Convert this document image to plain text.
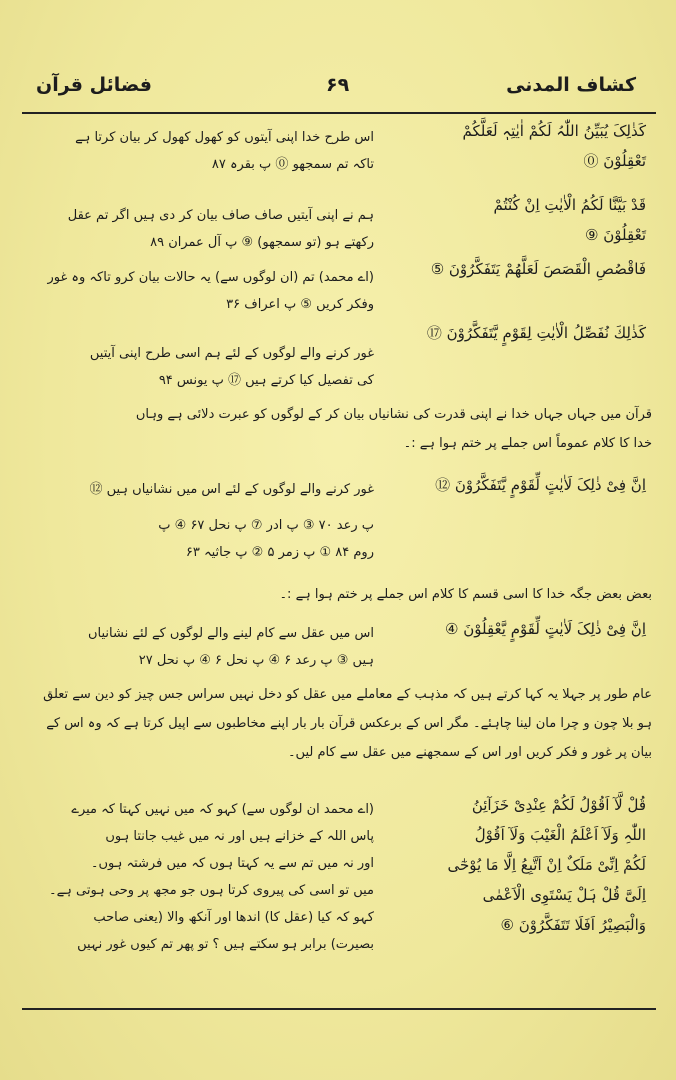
کشاف المدنی
۶۹
فضائل قرآن
کَذٰلِکَ یُبَیِّنُ اللّٰہُ لَکُمْ اٰیٰتِہٖ لَعَلَّکُمْ
تَعْقِلُوْنَ ⓪
اس طرح خدا اپنی آیتوں کو کھول کھول کر بیان کرتا ہے
تاکہ تم سمجھو ⓪ پ بقرہ ۸۷
قَدْ بَیَّنَّا لَکُمُ الْاٰیٰتِ اِنْ کُنْتُمْ
تَعْقِلُوْنَ ⑨
ہم نے اپنی آیتیں صاف صاف بیان کر دی ہیں اگر تم عقل
رکھتے ہو (تو سمجھو) ⑨ پ آل عمران ۸۹
فَاقْصُصِ الْقَصَصَ لَعَلَّهُمْ يَتَفَكَّرُوْنَ ⑤
(اے محمد) تم (ان لوگوں سے) یہ حالات بیان کرو تاکہ وہ غور
وفکر کریں ⑤ پ اعراف ۳۶
كَذٰلِكَ نُفَصِّلُ الْاٰيٰتِ لِقَوْمٍ يَّتَفَكَّرُوْنَ ⑰
غور کرنے والے لوگوں کے لئے ہم اسی طرح اپنی آیتیں
کی تفصیل کیا کرتے ہیں ⑰ پ یونس ۹۴
قرآن میں جہاں جہاں خدا نے اپنی قدرت کی نشانیاں بیان کر کے لوگوں کو عبرت دلائی ہے وہاں
خدا کا کلام عموماً اس جملے پر ختم ہوا ہے :۔
اِنَّ فِیْ ذٰلِکَ لَاٰیٰتٍ لِّقَوْمٍ یَّتَفَکَّرُوْنَ ⑫
غور کرنے والے لوگوں کے لئے اس میں نشانیاں ہیں ⑫
پ رعد ۷۰ ③ پ ادر ⑦ پ نحل ۶۷ ④ پ
روم ۸۴ ① پ زمر ۵ ② پ جاثیہ ۶۳
بعض بعض جگہ خدا کا اسی قسم کا کلام اس جملے پر ختم ہوا ہے :۔
اِنَّ فِیْ ذٰلِکَ لَاٰیٰتٍ لِّقَوْمٍ یَّعْقِلُوْنَ ④
اس میں عقل سے کام لینے والے لوگوں کے لئے نشانیاں
ہیں ③ پ رعد ۶ ④ پ نحل ۶ ④ پ نحل ۲۷
عام طور پر جہلا یہ کہا کرتے ہیں کہ مذہب کے معاملے میں عقل کو دخل نہیں سراس جس چیز کو دین سے تعلق
ہو بلا چون و چرا مان لینا چاہئے۔ مگر اس کے برعکس قرآن بار بار اپنے مخاطبوں سے اپیل کرتا ہے کہ وہ اس کے
بیان پر غور و فکر کریں اور اس کے سمجھنے میں عقل سے کام لیں۔
قُلْ لَّآ اَقُوْلُ لَکُمْ عِنْدِیْ خَزَآئِنُ
اللّٰہِ وَلَآ اَعْلَمُ الْغَیْبَ وَلَآ اَقُوْلُ
لَکُمْ اِنِّیْ مَلَکٌ اِنْ اَتَّبِعُ اِلَّا مَا یُوْحٰٓی
اِلَیَّ قُلْ ہَلْ یَسْتَوِی الْاَعْمٰی
وَالْبَصِیْرُ اَفَلَا تَتَفَکَّرُوْنَ ⑥
(اے محمد ان لوگوں سے) کہو کہ میں نہیں کہتا کہ میرے
پاس اللہ کے خزانے ہیں اور نہ میں غیب جانتا ہوں
اور نہ میں تم سے یہ کہتا ہوں کہ میں فرشتہ ہوں۔
میں تو اسی کی پیروی کرتا ہوں جو مجھ پر وحی ہوتی ہے۔
کہو کہ کیا (عقل کا) اندھا اور آنکھ والا (یعنی صاحب
بصیرت) برابر ہو سکتے ہیں ؟ تو پھر تم کیوں غور نہیں
